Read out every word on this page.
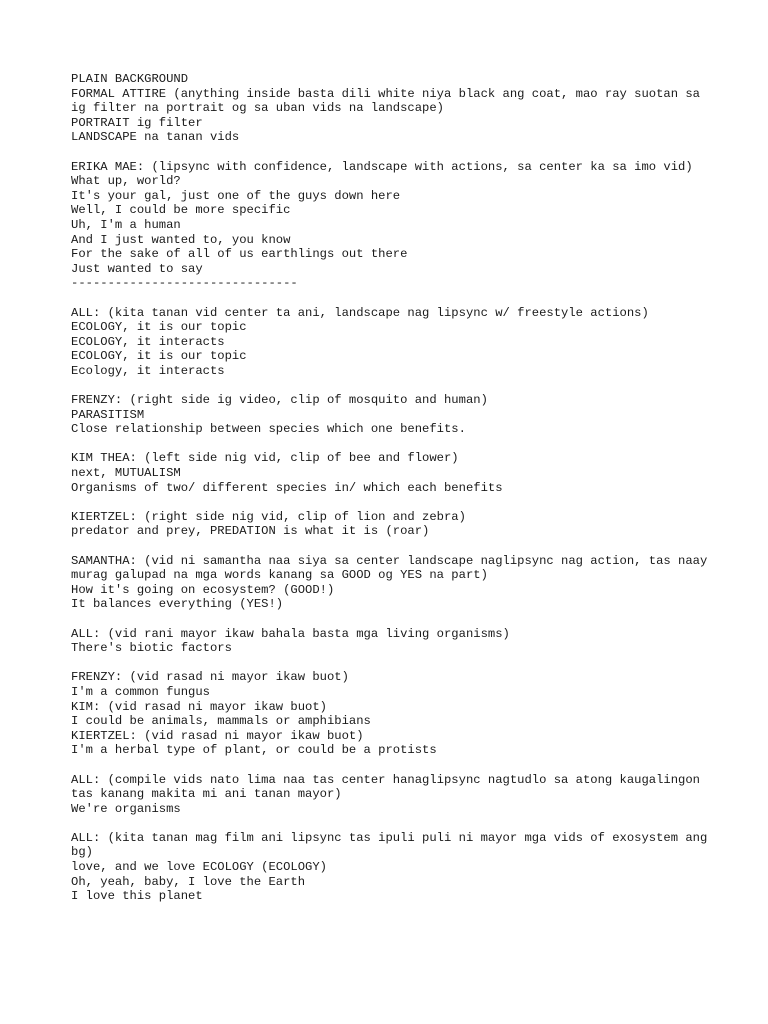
PLAIN BACKGROUND
FORMAL ATTIRE (anything inside basta dili white niya black ang coat, mao ray suotan sa ig filter na portrait og sa uban vids na landscape)
PORTRAIT ig filter
LANDSCAPE na tanan vids
ERIKA MAE: (lipsync with confidence, landscape with actions, sa center ka sa imo vid)
What up, world?
It's your gal, just one of the guys down here
Well, I could be more specific
Uh, I'm a human
And I just wanted to, you know
For the sake of all of us earthlings out there
Just wanted to say
-------------------------------
ALL: (kita tanan vid center ta ani, landscape nag lipsync w/ freestyle actions)
ECOLOGY, it is our topic
ECOLOGY, it interacts
ECOLOGY, it is our topic
Ecology, it interacts
FRENZY: (right side ig video, clip of mosquito and human)
PARASITISM
Close relationship between species which one benefits.
KIM THEA: (left side nig vid, clip of bee and flower)
next, MUTUALISM
Organisms of two/ different species in/ which each benefits
KIERTZEL: (right side nig vid, clip of lion and zebra)
predator and prey, PREDATION is what it is (roar)
SAMANTHA: (vid ni samantha naa siya sa center landscape naglipsync nag action, tas naay murag galupad na mga words kanang sa GOOD og YES na part)
How it's going on ecosystem? (GOOD!)
It balances everything (YES!)
ALL: (vid rani mayor ikaw bahala basta mga living organisms)
There's biotic factors
FRENZY: (vid rasad ni mayor ikaw buot)
I'm a common fungus
KIM: (vid rasad ni mayor ikaw buot)
I could be animals, mammals or amphibians
KIERTZEL: (vid rasad ni mayor ikaw buot)
I'm a herbal type of plant, or could be a protists
ALL: (compile vids nato lima naa tas center hanaglipsync nagtudlo sa atong kaugalingon tas kanang makita mi ani tanan mayor)
We're organisms
ALL: (kita tanan mag film ani lipsync tas ipuli puli ni mayor mga vids of exosystem ang bg)
love, and we love ECOLOGY (ECOLOGY)
Oh, yeah, baby, I love the Earth
I love this planet
